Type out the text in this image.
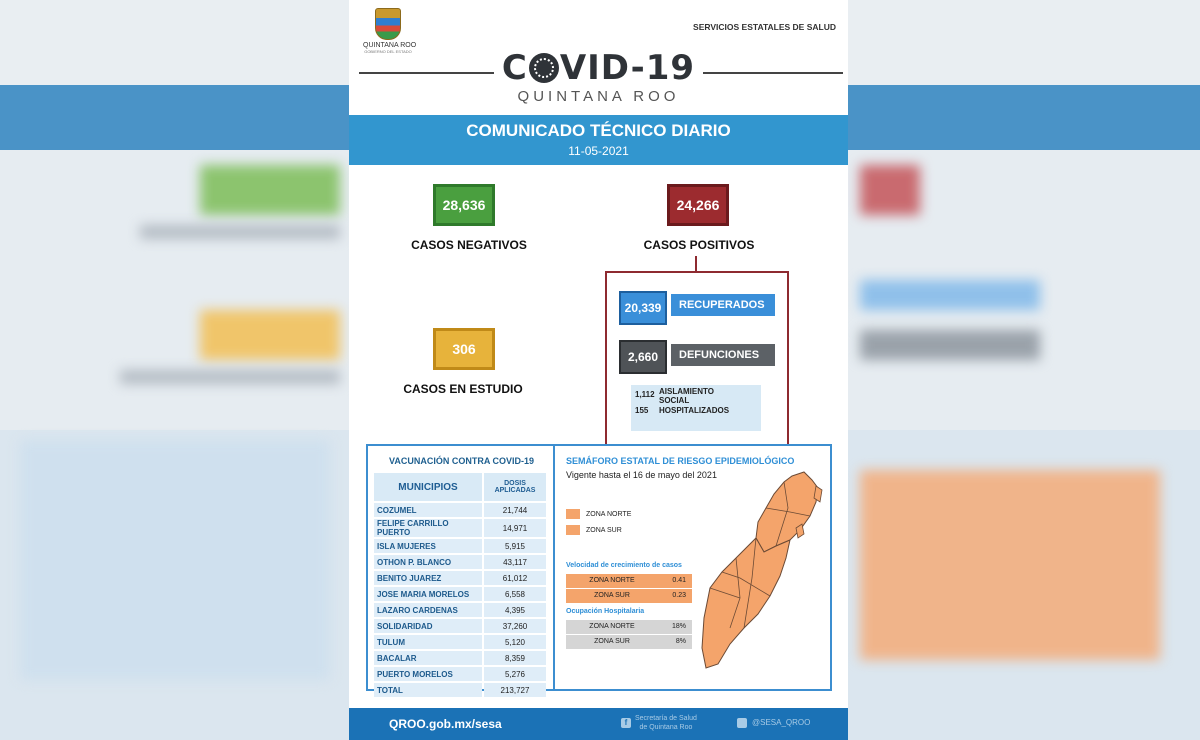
QUINTANA ROO
GOBIERNO DEL ESTADO
SERVICIOS ESTATALES DE SALUD
C VID-19
QUINTANA ROO
COMUNICADO TÉCNICO DIARIO
11-05-2021
28,636
CASOS NEGATIVOS
24,266
CASOS POSITIVOS
306
CASOS EN ESTUDIO
20,339	RECUPERADOS
2,660	DEFUNCIONES
1,112 AISLAMIENTO
SOCIAL
155	HOSPITALIZADOS
VACUNACIÓN CONTRA COVID-19
MUNICIPIOS	DOSIS APLICADAS
COZUMEL	21,744
FELIPE CARRILLO PUERTO	14,971
ISLA MUJERES	5,915
OTHON P. BLANCO	43,117
BENITO JUAREZ	61,012
JOSE MARIA MORELOS	6,558
LAZARO CARDENAS	4,395
SOLIDARIDAD	37,260
TULUM	5,120
BACALAR	8,359
PUERTO MORELOS	5,276
TOTAL	213,727
SEMÁFORO ESTATAL DE RIESGO EPIDEMIOLÓGICO
Vigente hasta el 16 de mayo del 2021
ZONA NORTE
ZONA SUR
Velocidad de crecimiento de casos
ZONA NORTE	0.41
ZONA SUR	0.23
Ocupación Hospitalaria
ZONA NORTE	18%
ZONA SUR	8%
QROO.gob.mx/sesa	f	Secretaría de Salud
de Quintana Roo
@SESA_QROO
